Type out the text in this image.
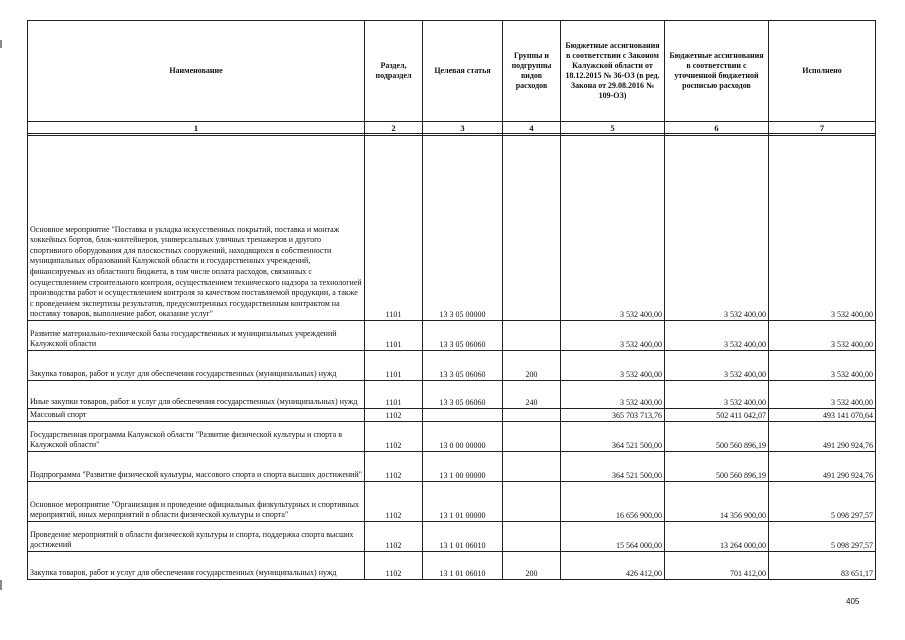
Наименование	Раздел, подраздел	Целевая статья	Группы и подгруппы видов расходов	Бюджетные ассигнования в соответствии с Законом Калужской области от 18.12.2015 № 36-ОЗ (в ред. Закона от 29.08.2016 № 109-ОЗ)	Бюджетные ассигнования в соответствии с уточненной бюджетной росписью расходов	Исполнено
1	2	3	4	5	6	7

Основное мероприятие "Поставка и укладка искусственных покрытий, поставка и монтаж хоккейных бортов, блок-контейнеров, универсальных уличных тренажеров и другого спортивного оборудования для плоскостных сооружений, находящихся в собственности муниципальных образований Калужской области и государственных учреждений, финансируемых из областного бюджета, в том числе оплата расходов, связанных с осуществлением строительного контроля, осуществлением технического надзора за технологией производства работ и осуществлением контроля за качеством поставляемой продукции, а также с проведением экспертизы результатов, предусмотренных государственным контрактом на поставку товаров, выполнение работ, оказание услуг"	1101	13 3 05 00000		3 532 400,00	3 532 400,00	3 532 400,00
Развитие материально-технической базы государственных и муниципальных учреждений Калужской области	1101	13 3 05 06060		3 532 400,00	3 532 400,00	3 532 400,00
Закупка товаров, работ и услуг для обеспечения государственных (муниципальных) нужд	1101	13 3 05 06060	200	3 532 400,00	3 532 400,00	3 532 400,00
Иные закупки товаров, работ и услуг для обеспечения государственных (муниципальных) нужд	1101	13 3 05 06060	240	3 532 400,00	3 532 400,00	3 532 400,00
Массовый спорт	1102			365 703 713,76	502 411 042,07	493 141 070,64
Государственная программа Калужской области "Развитие физической культуры и спорта в Калужской области"	1102	13 0 00 00000		364 521 500,00	500 560 896,19	491 290 924,76
Подпрограмма "Развитие физической культуры, массового спорта и спорта высших достижений"	1102	13 1 00 00000		364 521 500,00	500 560 896,19	491 290 924,76
Основное мероприятие "Организация и проведение официальных физкультурных и спортивных мероприятий, иных мероприятий в области физической культуры и спорта"	1102	13 1 01 00000		16 656 900,00	14 356 900,00	5 098 297,57
Проведение мероприятий в области физической культуры и спорта, поддержка спорта высших достижений	1102	13 1 01 06010		15 564 000,00	13 264 000,00	5 098 297,57
Закупка товаров, работ и услуг для обеспечения государственных (муниципальных) нужд	1102	13 1 01 06010	200	426 412,00	701 412,00	83 651,17
405
